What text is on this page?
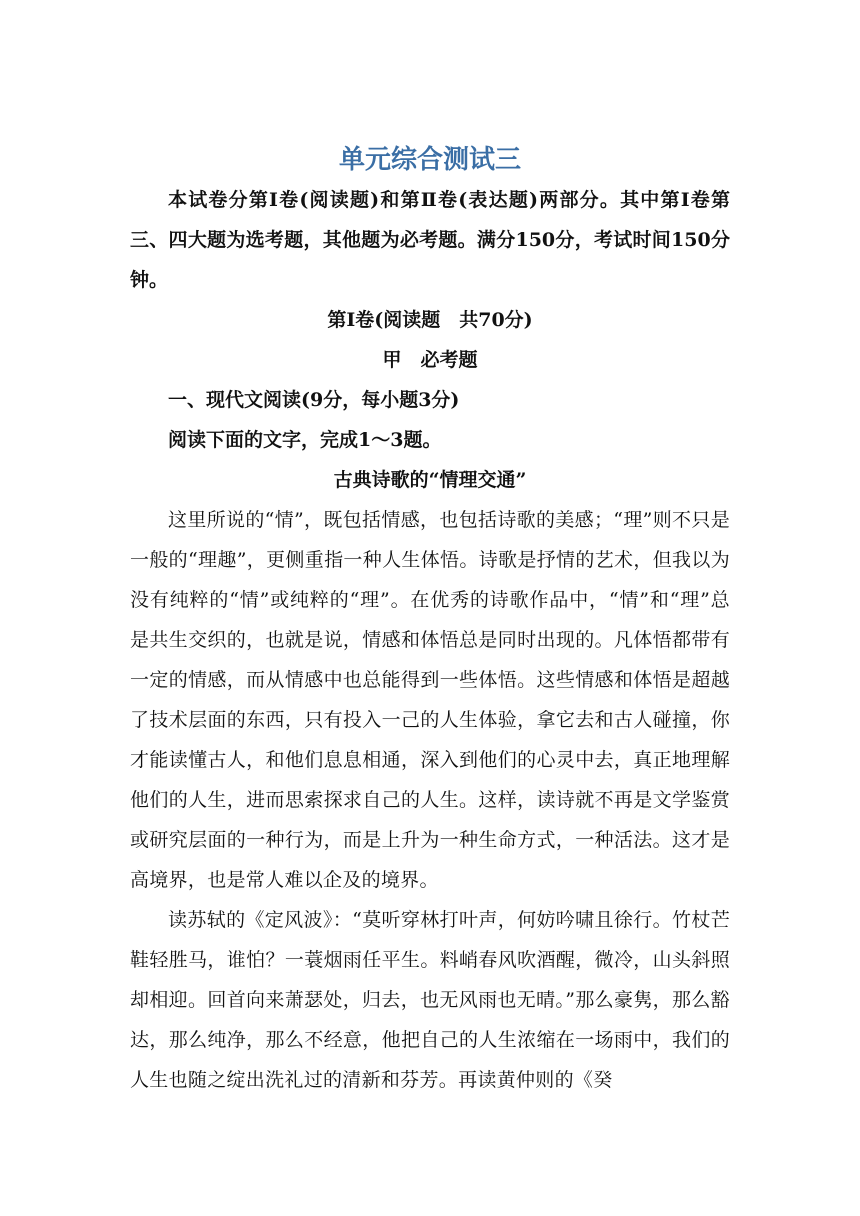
单元综合测试三

本试卷分第Ⅰ卷(阅读题)和第Ⅱ卷(表达题)两部分。其中第Ⅰ卷第三、四大题为选考题，其他题为必考题。满分150分，考试时间150分钟。

第Ⅰ卷(阅读题　共70分)

甲　必考题

一、现代文阅读(9分，每小题3分)

阅读下面的文字，完成1～3题。

古典诗歌的“情理交通”

这里所说的“情”，既包括情感，也包括诗歌的美感；“理”则不只是一般的“理趣”，更侧重指一种人生体悟。诗歌是抒情的艺术，但我以为没有纯粹的“情”或纯粹的“理”。在优秀的诗歌作品中，“情”和“理”总是共生交织的，也就是说，情感和体悟总是同时出现的。凡体悟都带有一定的情感，而从情感中也总能得到一些体悟。这些情感和体悟是超越了技术层面的东西，只有投入一己的人生体验，拿它去和古人碰撞，你才能读懂古人，和他们息息相通，深入到他们的心灵中去，真正地理解他们的人生，进而思索探求自己的人生。这样，读诗就不再是文学鉴赏或研究层面的一种行为，而是上升为一种生命方式，一种活法。这才是高境界，也是常人难以企及的境界。

读苏轼的《定风波》：“莫听穿林打叶声，何妨吟啸且徐行。竹杖芒鞋轻胜马，谁怕？一蓑烟雨任平生。料峭春风吹酒醒，微冷，山头斜照却相迎。回首向来萧瑟处，归去，也无风雨也无晴。”那么豪隽，那么豁达，那么纯净，那么不经意，他把自己的人生浓缩在一场雨中，我们的人生也随之绽出洗礼过的清新和芬芳。再读黄仲则的《癸
